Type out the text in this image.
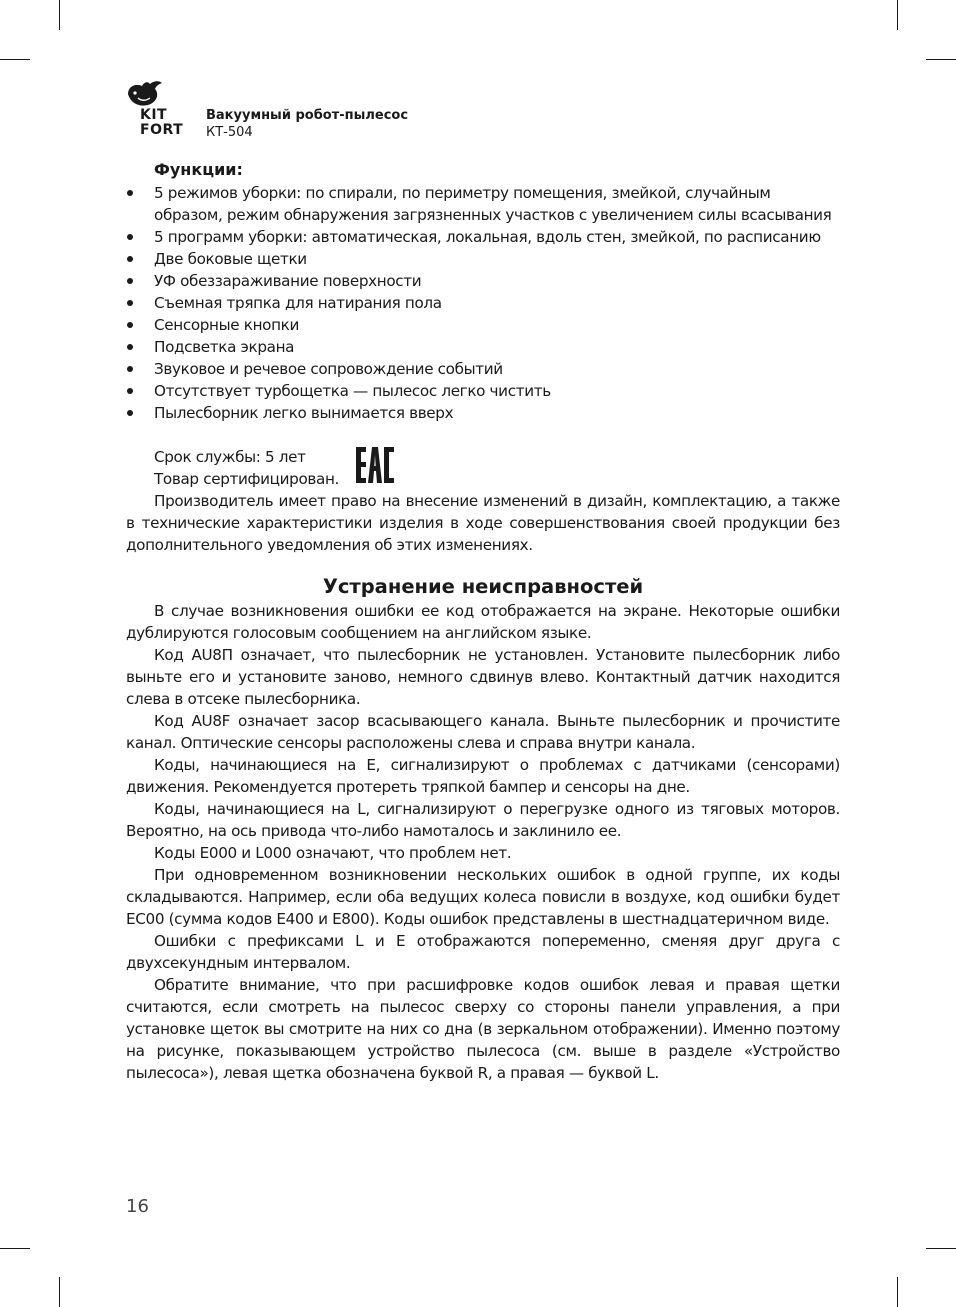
KIT
FORT
Вакуумный робот-пылесос
КТ-504
Функции:
5 режимов уборки: по спирали, по периметру помещения, змейкой, случайным образом, режим обнаружения загрязненных участков с увеличением силы всасывания
5 программ уборки: автоматическая, локальная, вдоль стен, змейкой, по расписанию
Две боковые щетки
УФ обеззараживание поверхности
Съемная тряпка для натирания пола
Сенсорные кнопки
Подсветка экрана
Звуковое и речевое сопровождение событий
Отсутствует турбощетка — пылесос легко чистить
Пылесборник легко вынимается вверх
Срок службы: 5 лет
Товар сертифицирован.

Производитель имеет право на внесение изменений в дизайн, комплектацию, а также в технические характеристики изделия в ходе совершенствования своей продукции без дополнительного уведомления об этих изменениях.

Устранение неисправностей

В случае возникновения ошибки ее код отображается на экране. Некоторые ошибки дублируются голосовым сообщением на английском языке.

Код AU8П означает, что пылесборник не установлен. Установите пылесборник либо выньте его и установите заново, немного сдвинув влево. Контактный датчик находится слева в отсеке пылесборника.

Код AU8F означает засор всасывающего канала. Выньте пылесборник и прочистите канал. Оптические сенсоры расположены слева и справа внутри канала.

Коды, начинающиеся на E, сигнализируют о проблемах с датчиками (сенсорами) движения. Рекомендуется протереть тряпкой бампер и сенсоры на дне.

Коды, начинающиеся на L, сигнализируют о перегрузке одного из тяговых моторов. Вероятно, на ось привода что-либо намоталось и заклинило ее.

Коды E000 и L000 означают, что проблем нет.

При одновременном возникновении нескольких ошибок в одной группе, их коды складываются. Например, если оба ведущих колеса повисли в воздухе, код ошибки будет EC00 (сумма кодов E400 и E800). Коды ошибок представлены в шестнадцатеричном виде.

Ошибки с префиксами L и E отображаются попеременно, сменяя друг друга с двухсекундным интервалом.

Обратите внимание, что при расшифровке кодов ошибок левая и правая щетки считаются, если смотреть на пылесос сверху со стороны панели управления, а при установке щеток вы смотрите на них со дна (в зеркальном отображении). Именно поэтому на рисунке, показывающем устройство пылесоса (см. выше в разделе «Устройство пылесоса»), левая щетка обозначена буквой R, а правая — буквой L.

16
